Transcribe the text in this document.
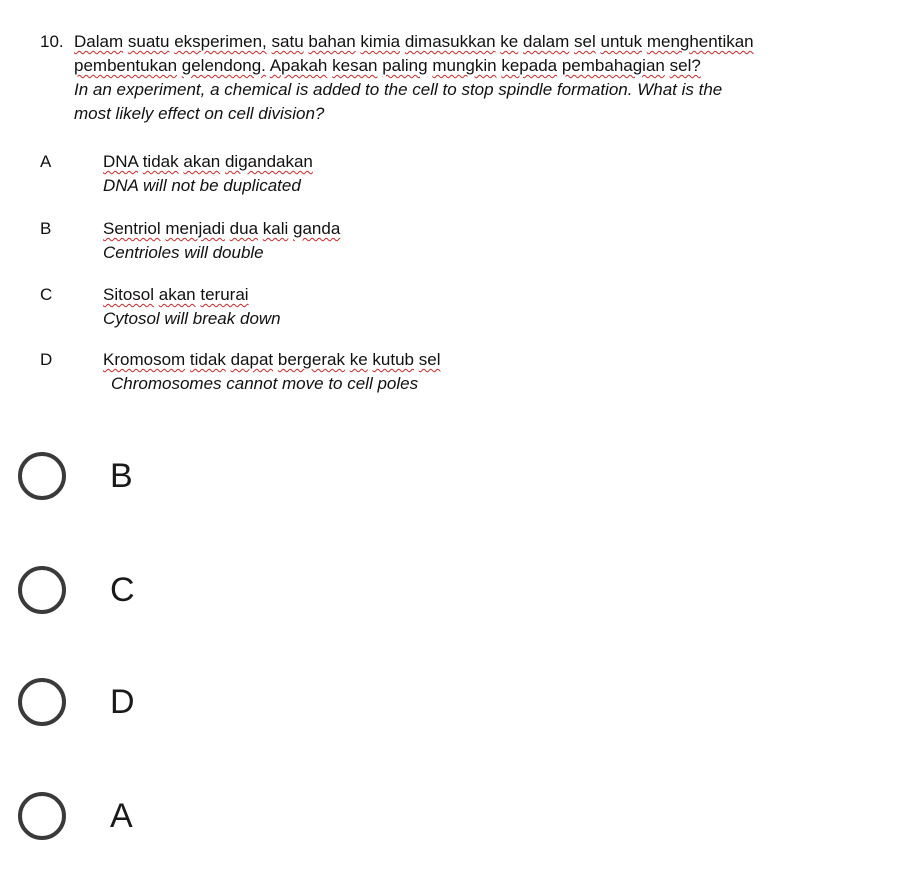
10. Dalam suatu eksperimen, satu bahan kimia dimasukkan ke dalam sel untuk menghentikan
pembentukan gelendong. Apakah kesan paling mungkin kepada pembahagian sel?
In an experiment, a chemical is added to the cell to stop spindle formation. What is the
most likely effect on cell division?
A	DNA tidak akan digandakan
DNA will not be duplicated
B	Sentriol menjadi dua kali ganda
Centrioles will double
C	Sitosol akan terurai
Cytosol will break down
D	Kromosom tidak dapat bergerak ke kutub sel
Chromosomes cannot move to cell poles
B
C
D
A
